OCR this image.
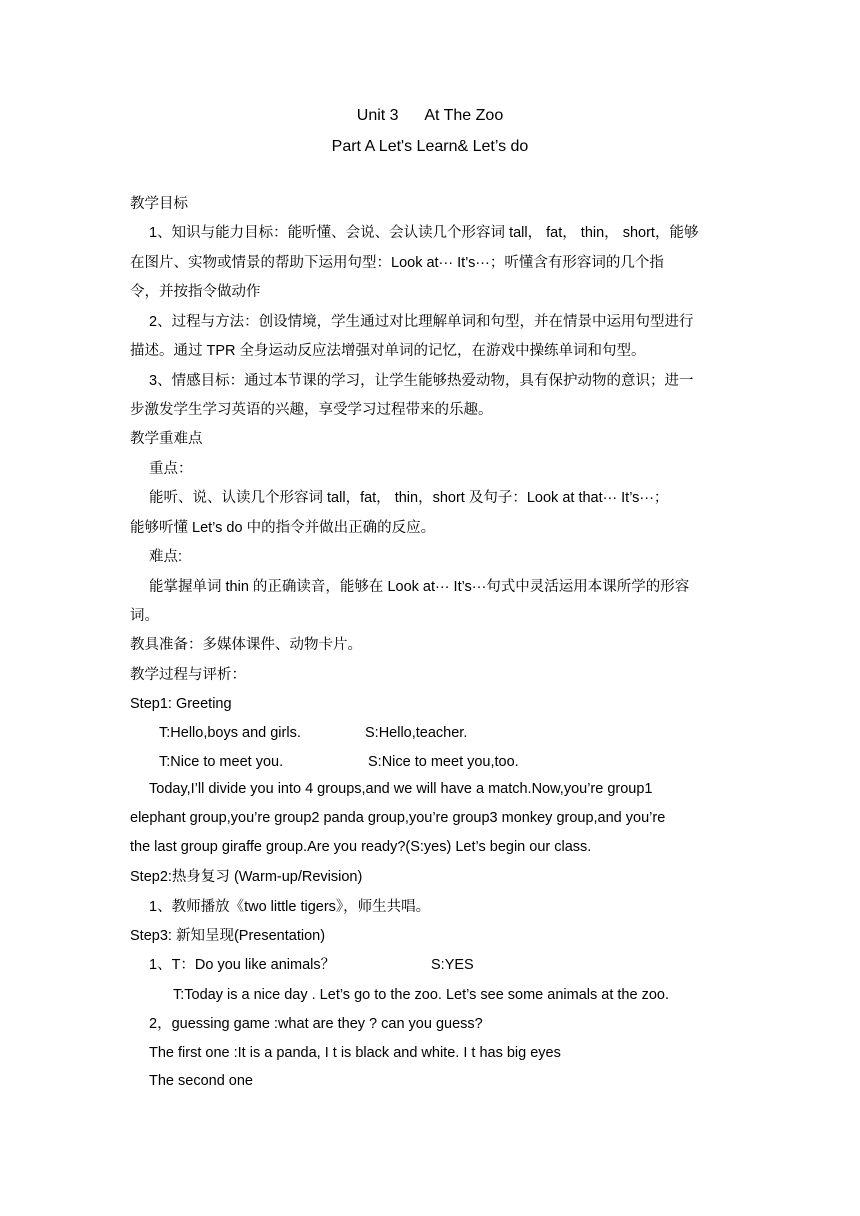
Unit 3      At The Zoo
Part A Let's Learn& Let’s do
教学目标
1、知识与能力目标：能听懂、会说、会认读几个形容词 tall， fat， thin， short，能够
在图片、实物或情景的帮助下运用句型：Look at··· It’s···；听懂含有形容词的几个指
令，并按指令做动作
2、过程与方法：创设情境，学生通过对比理解单词和句型，并在情景中运用句型进行
描述。通过 TPR 全身运动反应法增强对单词的记忆，在游戏中操练单词和句型。
3、情感目标：通过本节课的学习，让学生能够热爱动物，具有保护动物的意识；进一
步激发学生学习英语的兴趣，享受学习过程带来的乐趣。
教学重难点
重点：
能听、说、认读几个形容词 tall，fat， thin，short 及句子：Look at that··· It’s···；
能够听懂 Let’s do 中的指令并做出正确的反应。
难点:
能掌握单词 thin 的正确读音，能够在 Look at··· It’s···句式中灵活运用本课所学的形容
词。
教具准备：多媒体课件、动物卡片。
教学过程与评析：
Step1: Greeting
T:Hello,boys and girls.	S:Hello,teacher.
T:Nice to meet you.	S:Nice to meet you,too.
Today,I’ll divide you into 4 groups,and we will have a match.Now,you’re group1
elephant group,you’re group2 panda group,you’re group3 monkey group,and you’re
the last group giraffe group.Are you ready?(S:yes) Let’s begin our class.
Step2:热身复习 (Warm-up/Revision)
1、教师播放《two little tigers》，师生共唱。
Step3: 新知呈现(Presentation)
1、T：Do you like animals？	S:YES
T:Today is a nice day . Let’s go to the zoo. Let’s see some animals at the zoo.
2，guessing game :what are they ? can you guess?
The first one :It is a panda, I t is black and white. I t has big eyes
The second one
